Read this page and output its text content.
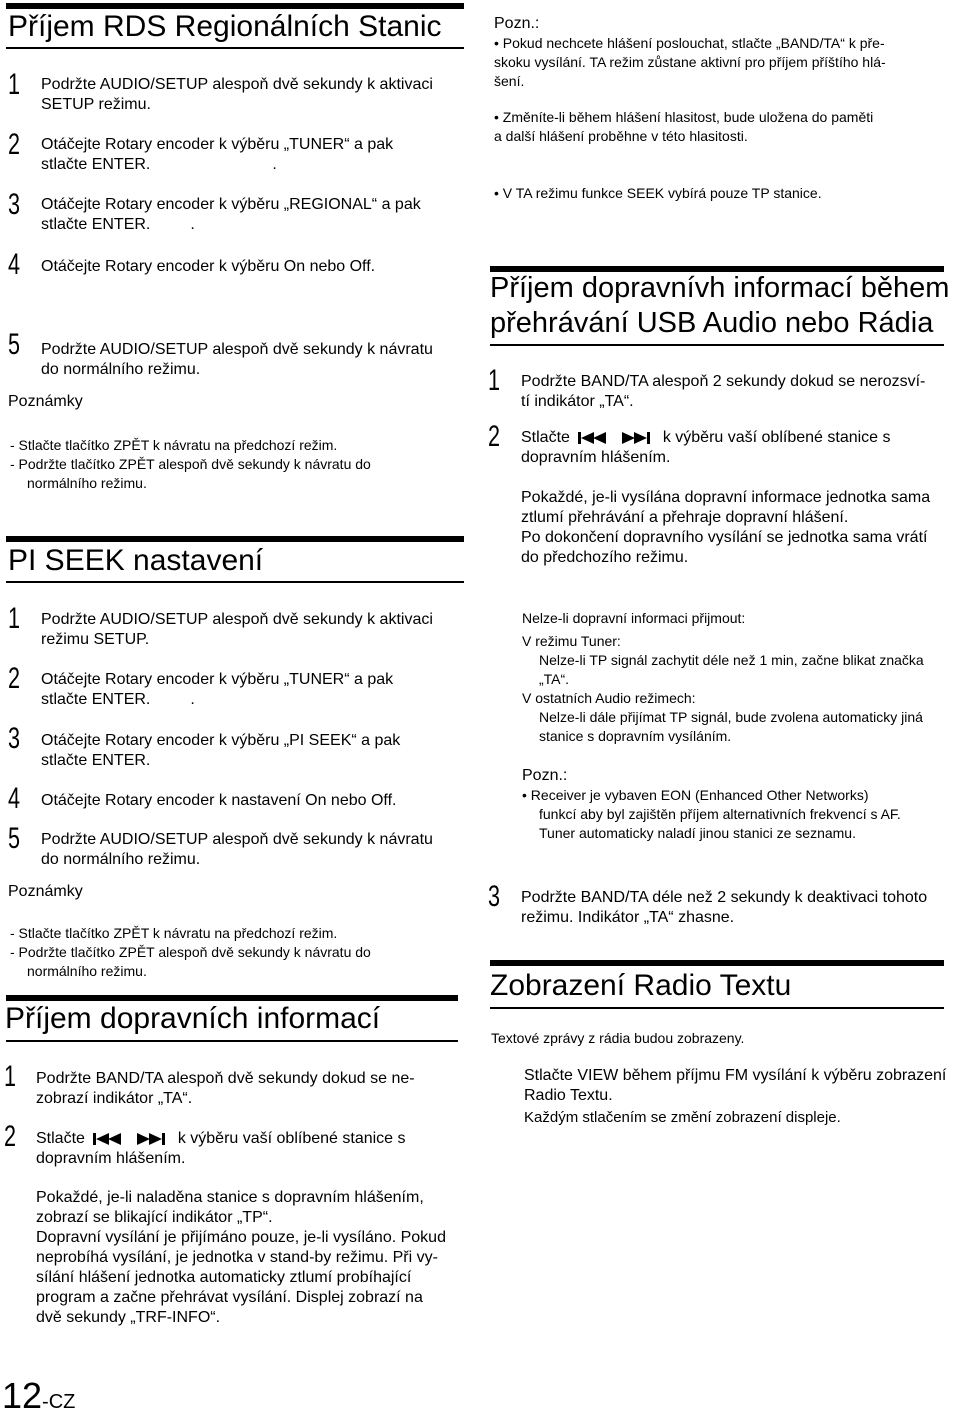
Příjem RDS Regionálních Stanic
1 Podržte AUDIO/SETUP alespoň dvě sekundy k aktivaci
SETUP režimu.
2 Otáčejte Rotary encoder k výběru „TUNER“ a pak
stlačte ENTER.	.
3 Otáčejte Rotary encoder k výběru „REGIONAL“ a pak
stlačte ENTER.	.
4 Otáčejte Rotary encoder k výběru On nebo Off.
5 Podržte AUDIO/SETUP alespoň dvě sekundy k návratu
do normálního režimu.
Poznámky
- Stlačte tlačítko ZPĚT k návratu na předchozí režim.
- Podržte tlačítko ZPĚT alespoň dvě sekundy k návratu do
normálního režimu.
PI SEEK nastavení
1 Podržte AUDIO/SETUP alespoň dvě sekundy k aktivaci
režimu SETUP.
2 Otáčejte Rotary encoder k výběru „TUNER“ a pak
stlačte ENTER.	.
3 Otáčejte Rotary encoder k výběru „PI SEEK“ a pak
stlačte ENTER.
4 Otáčejte Rotary encoder k nastavení On nebo Off.
5 Podržte AUDIO/SETUP alespoň dvě sekundy k návratu
do normálního režimu.
Poznámky
- Stlačte tlačítko ZPĚT k návratu na předchozí režim.
- Podržte tlačítko ZPĚT alespoň dvě sekundy k návratu do
normálního režimu.
Příjem dopravních informací
1 Podržte BAND/TA alespoň dvě sekundy dokud se ne-
zobrazí indikátor „TA“.
2 Stlačte	k výběru vaší oblíbené stanice s
dopravním hlášením.
Pokaždé, je-li naladěna stanice s dopravním hlášením,
zobrazí se blikající indikátor „TP“.
Dopravní vysílání je přijímáno pouze, je-li vysíláno. Pokud
neprobíhá vysílání, je jednotka v stand-by režimu. Při vy-
sílání hlášení jednotka automaticky ztlumí probíhající
program a začne přehrávat vysílání. Displej zobrazí na
dvě sekundy „TRF-INFO“.
12-CZ
Pozn.:
• Pokud nechcete hlášení poslouchat, stlačte „BAND/TA“ k pře-
skoku vysílání. TA režim zůstane aktivní pro příjem příštího hlá-
šení.
• Změníte-li během hlášení hlasitost, bude uložena do paměti
a další hlášení proběhne v této hlasitosti.
• V TA režimu funkce SEEK vybírá pouze TP stanice.
Příjem dopravnívh informací během
přehrávání USB Audio nebo Rádia
1 Podržte BAND/TA alespoň 2 sekundy dokud se nerozsví-
tí indikátor „TA“.
2 Stlačte	k výběru vaší oblíbené stanice s
dopravním hlášením.
Pokaždé, je-li vysílána dopravní informace jednotka sama
ztlumí přehrávání a přehraje dopravní hlášení.
Po dokončení dopravního vysílání se jednotka sama vrátí
do předchozího režimu.
Nelze-li dopravní informaci přijmout:
V režimu Tuner:
Nelze-li TP signál zachytit déle než 1 min, začne blikat značka
„TA“.
V ostatních Audio režimech:
Nelze-li dále přijímat TP signál, bude zvolena automaticky jiná
stanice s dopravním vysíláním.
Pozn.:
• Receiver je vybaven EON (Enhanced Other Networks)
funkcí aby byl zajištěn příjem alternativních frekvencí s AF.
Tuner automaticky naladí jinou stanici ze seznamu.
3 Podržte BAND/TA déle než 2 sekundy k deaktivaci tohoto
režimu. Indikátor „TA“ zhasne.
Zobrazení Radio Textu
Textové zprávy z rádia budou zobrazeny.
Stlačte VIEW během příjmu FM vysílání k výběru zobrazení
Radio Textu.
Každým stlačením se změní zobrazení displeje.
